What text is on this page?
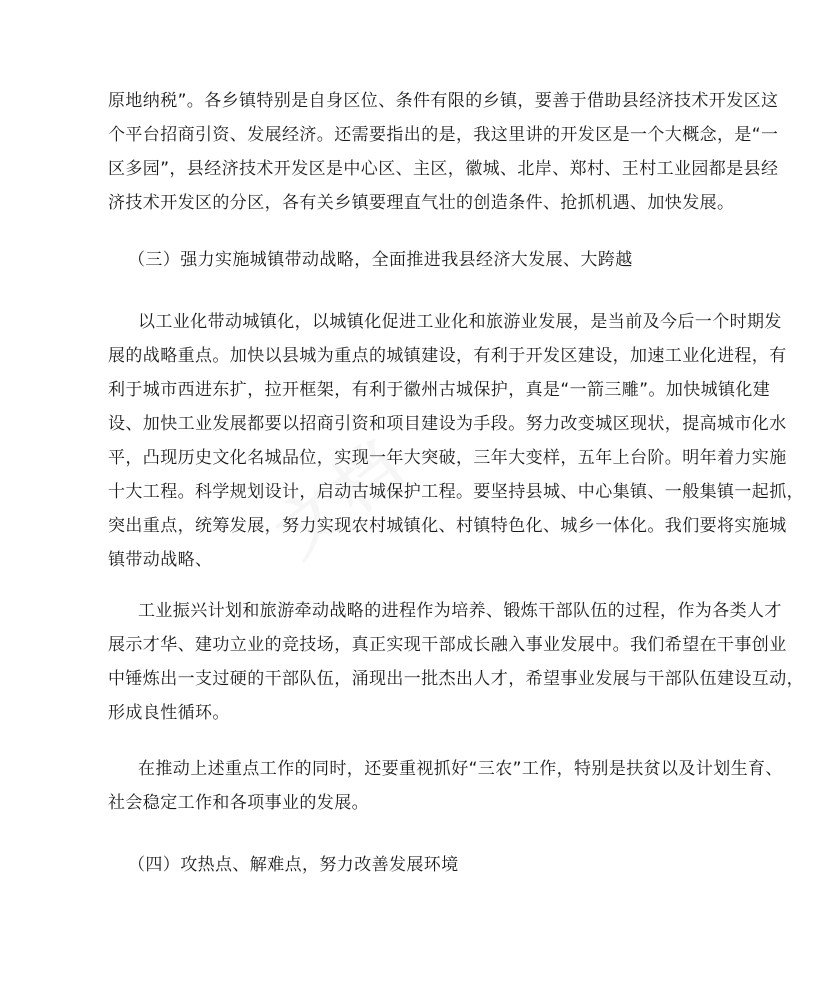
原地纳税”。各乡镇特别是自身区位、条件有限的乡镇，要善于借助县经济技术开发区这
个平台招商引资、发展经济。还需要指出的是，我这里讲的开发区是一个大概念，是“一
区多园”，县经济技术开发区是中心区、主区，徽城、北岸、郑村、王村工业园都是县经
济技术开发区的分区，各有关乡镇要理直气壮的创造条件、抢抓机遇、加快发展。
（三）强力实施城镇带动战略，全面推进我县经济大发展、大跨越
以工业化带动城镇化，以城镇化促进工业化和旅游业发展，是当前及今后一个时期发
展的战略重点。加快以县城为重点的城镇建设，有利于开发区建设，加速工业化进程，有
利于城市西进东扩，拉开框架，有利于徽州古城保护，真是“一箭三雕”。加快城镇化建
设、加快工业发展都要以招商引资和项目建设为手段。努力改变城区现状，提高城市化水
平，凸现历史文化名城品位，实现一年大突破，三年大变样，五年上台阶。明年着力实施
十大工程。科学规划设计，启动古城保护工程。要坚持县城、中心集镇、一般集镇一起抓，
突出重点，统筹发展，努力实现农村城镇化、村镇特色化、城乡一体化。我们要将实施城
镇带动战略、
工业振兴计划和旅游牵动战略的进程作为培养、锻炼干部队伍的过程，作为各类人才
展示才华、建功立业的竞技场，真正实现干部成长融入事业发展中。我们希望在干事创业
中锤炼出一支过硬的干部队伍，涌现出一批杰出人才，希望事业发展与干部队伍建设互动，
形成良性循环。
在推动上述重点工作的同时，还要重视抓好“三农”工作，特别是扶贫以及计划生育、
社会稳定工作和各项事业的发展。
（四）攻热点、解难点，努力改善发展环境
